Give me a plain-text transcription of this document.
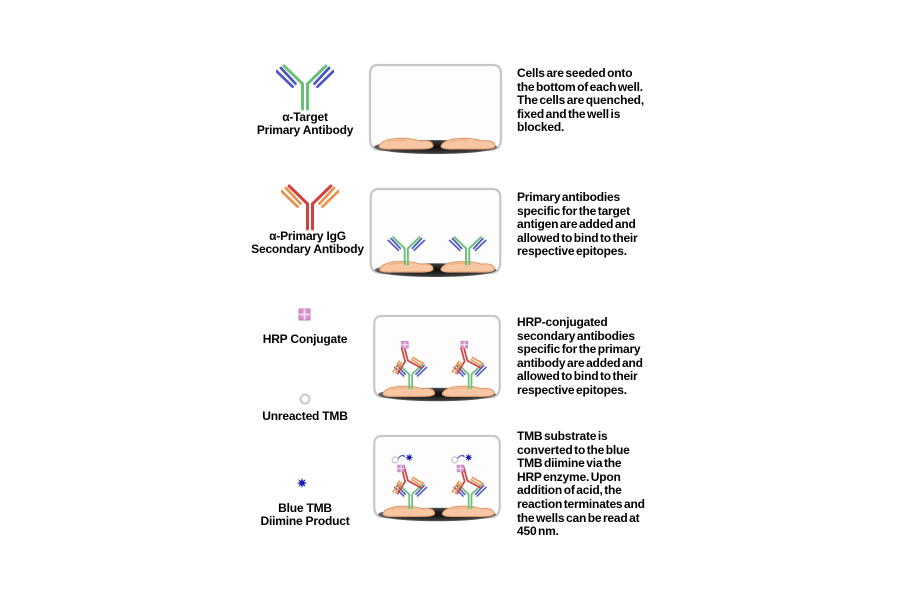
α-Target
Primary Antibody
Cells are seeded onto
the bottom of each well.
The cells are quenched,
fixed and the well is
blocked.
α-Primary IgG
Secondary Antibody
Primary antibodies
specific for the target
antigen are added and
allowed to bind to their
respective epitopes.
HRP Conjugate
Unreacted TMB
HRP-conjugated
secondary antibodies
specific for the primary
antibody are added and
allowed to bind to their
respective epitopes.
Blue TMB
Diimine Product
TMB substrate is
converted to the blue
TMB diimine via the
HRP enzyme. Upon
addition of acid, the
reaction terminates and
the wells can be read at
450 nm.
